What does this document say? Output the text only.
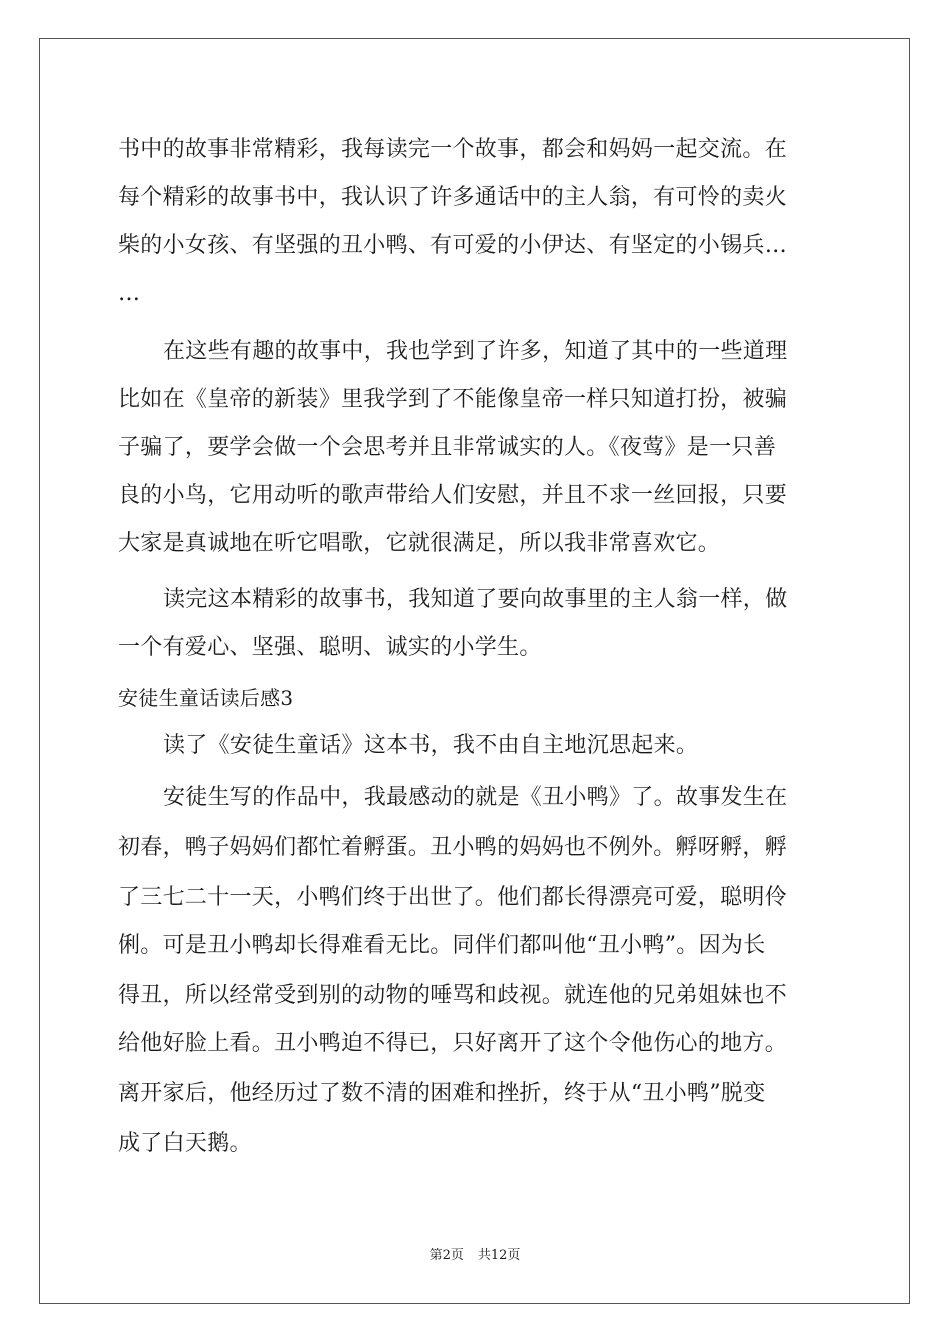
书中的故事非常精彩，我每读完一个故事，都会和妈妈一起交流。在
每个精彩的故事书中，我认识了许多通话中的主人翁，有可怜的卖火
柴的小女孩、有坚强的丑小鸭、有可爱的小伊达、有坚定的小锡兵…
…
在这些有趣的故事中，我也学到了许多，知道了其中的一些道理
比如在《皇帝的新装》里我学到了不能像皇帝一样只知道打扮，被骗
子骗了，要学会做一个会思考并且非常诚实的人。《夜莺》是一只善
良的小鸟，它用动听的歌声带给人们安慰，并且不求一丝回报，只要
大家是真诚地在听它唱歌，它就很满足，所以我非常喜欢它。
读完这本精彩的故事书，我知道了要向故事里的主人翁一样，做
一个有爱心、坚强、聪明、诚实的小学生。
安徒生童话读后感3
读了《安徒生童话》这本书，我不由自主地沉思起来。
安徒生写的作品中，我最感动的就是《丑小鸭》了。故事发生在
初春，鸭子妈妈们都忙着孵蛋。丑小鸭的妈妈也不例外。孵呀孵，孵
了三七二十一天，小鸭们终于出世了。他们都长得漂亮可爱，聪明伶
俐。可是丑小鸭却长得难看无比。同伴们都叫他“丑小鸭”。因为长
得丑，所以经常受到别的动物的唾骂和歧视。就连他的兄弟姐妹也不
给他好脸上看。丑小鸭迫不得已，只好离开了这个令他伤心的地方。
离开家后，他经历过了数不清的困难和挫折，终于从“丑小鸭”脱变
成了白天鹅。
第2页 共12页
